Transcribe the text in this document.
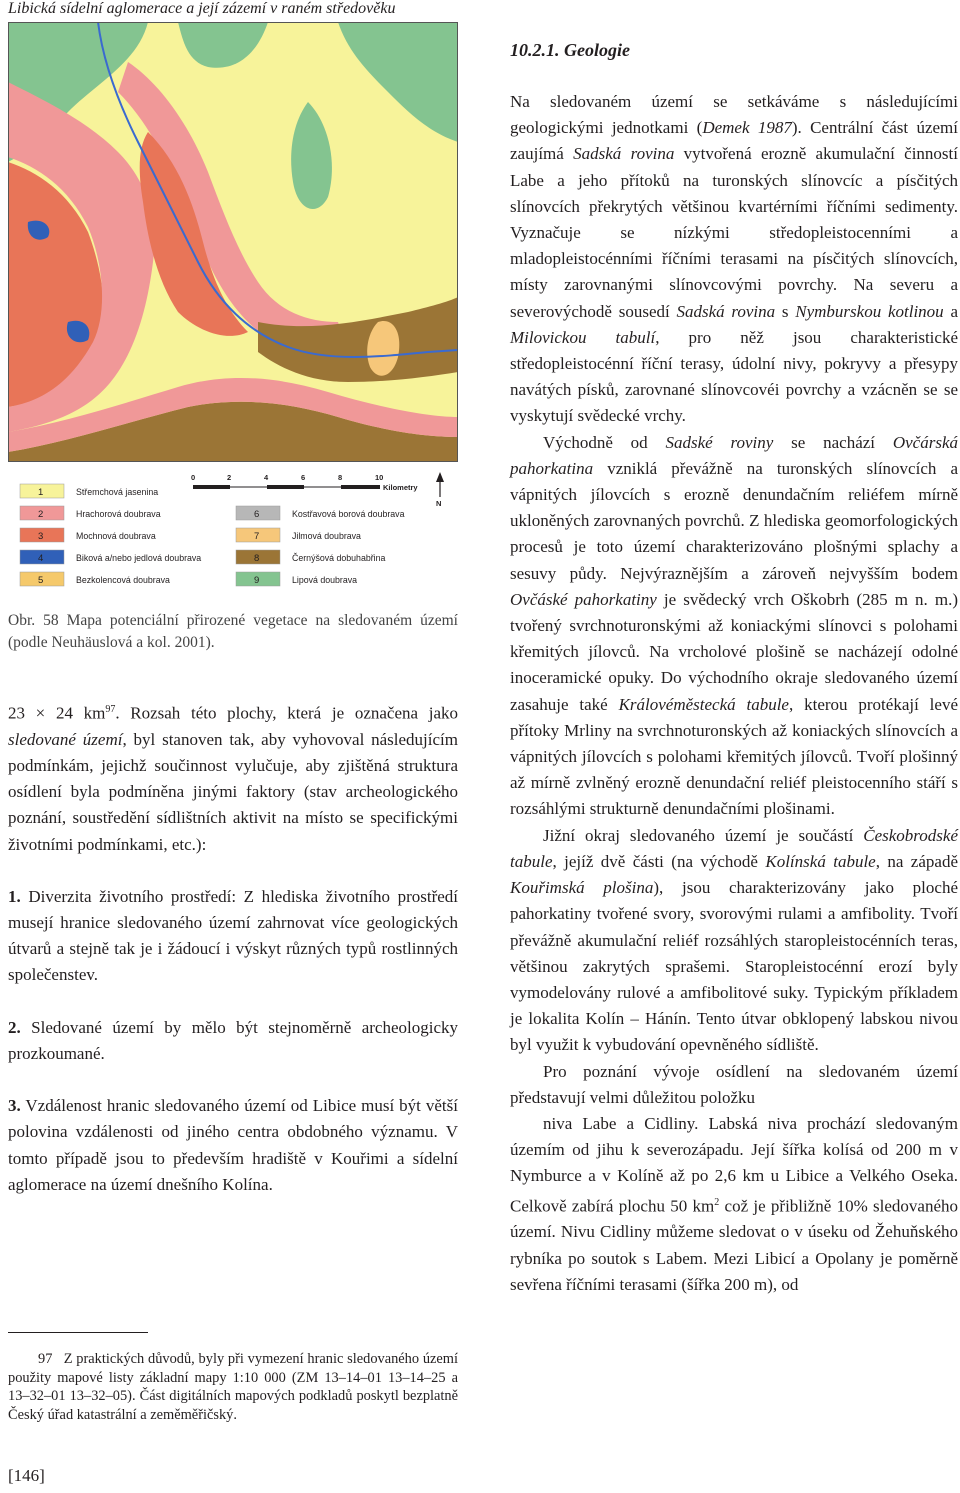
Libická sídelní aglomerace a její zázemí v raném středověku
0	2	4	6	8	10
Kilometry
N
1	Střemchová jasenina
2	Hrachorová doubrava
3	Mochnová doubrava
4	Biková a/nebo jedlová doubrava
5	Bezkolencová doubrava
6	Kostřavová borová doubrava
7	Jilmová doubrava
8	Černýšová dobuhabřina
9	Lipová doubrava
Obr. 58 Mapa potenciální přirozené vegetace na sledovaném území (podle Neuhäuslová a kol. 2001).

23 × 24 $km^{97}$. Rozsah této plochy, která je označena jako sledované území, byl stanoven tak, aby vyhovoval následujícím podmínkám, jejichž součinnost vylučuje, aby zjištěná struktura osídlení byla podmíněna jinými faktory (stav archeologického poznání, soustředění sídlištních aktivit na místo se specifickými životními podmínkami, etc.):

1. Diverzita životního prostředí: Z hlediska životního prostředí musejí hranice sledovaného území zahrnovat více geologických útvarů a stejně tak je i žádoucí i výskyt různých typů rostlinných společenstev.

2. Sledované území by mělo být stejnoměrně archeologicky prozkoumané.

3. Vzdálenost hranic sledovaného území od Libice musí být větší polovina vzdálenosti od jiného centra obdobného významu. V tomto případě jsou to především hradiště v Kouřimi a sídelní aglomerace na území dnešního Kolína.

97 Z praktických důvodů, byly při vymezení hranic sledovaného území použity mapové listy základní mapy 1:10 000 (ZM 13–14–01 13–14–25 a 13–32–01 13–32–05). Část digitálních mapových podkladů poskytl bezplatně Český úřad katastrální a zeměměřičský.
[146]
10.2.1. Geologie

Na sledovaném území se setkáváme s následujícími geologickými jednotkami (Demek 1987). Centrální část území zaujímá Sadská rovina vytvořená erozně akumulační činností Labe a jeho přítoků na turonských slínovcíc a písčitých slínovcích překrytých většinou kvartérními říčními sedimenty. Vyznačuje se nízkými středopleistocenními a mladopleistocénními říčními terasami na písčitých slínovcích, místy zarovnanými slínovcovými povrchy. Na severu a severovýchodě sousedí Sadská rovina s Nymburskou kotlinou a Milovickou tabulí, pro něž jsou charakteristické středopleistocénní říční terasy, údolní nivy, pokryvy a přesypy navátých písků, zarovnané slínovcovéi povrchy a vzácněn se se vyskytují svědecké vrchy.

Východně od Sadské roviny se nachází Ovčárská pahorkatina vzniklá převážně na turonských slínovcích a vápnitých jílovcích s erozně denundačním reliéfem mírně ukloněných zarovnaných povrchů. Z hlediska geomorfologických procesů je toto území charakterizováno plošnými splachy a sesuvy půdy. Nejvýraznějším a zároveň nejvyšším bodem Ovčáské pahorkatiny je svědecký vrch Oškobrh (285 m n. m.) tvořený svrchnoturonskými až koniackými slínovci s polohami křemitých jílovců. Na vrcholové plošině se nacházejí odolné inoceramické opuky. Do východního okraje sledovaného území zasahuje také Královéměstecká tabule, kterou protékají levé přítoky Mrliny na svrchnoturonských až koniackých slínovcích a vápnitých jílovcích s polohami křemitých jílovců. Tvoří plošinný až mírně zvlněný erozně denundační reliéf pleistocenního stáří s rozsáhlými strukturně denundačními plošinami.

Jižní okraj sledovaného území je součástí Českobrodské tabule, jejíž dvě části (na východě Kolínská tabule, na západě Kouřimská plošina), jsou charakterizovány jako ploché pahorkatiny tvořené svory, svorovými rulami a amfibolity. Tvoří převážně akumulační reliéf rozsáhlých staropleistocénních teras, většinou zakrytých sprašemi. Staropleistocénní erozí byly vymodelovány rulové a amfibolitové suky. Typickým příkladem je lokalita Kolín – Hánín. Tento útvar obklopený labskou nivou byl využit k vybudování opevněného sídliště.

Pro poznání vývoje osídlení na sledovaném území představují velmi důležitou položku

niva Labe a Cidliny. Labská niva prochází sledovaným územím od jihu k severozápadu. Její šířka kolísá od 200 m v Nymburce a v Kolíně až po 2,6 km u Libice a Velkého Oseka. Celkově zabírá plochu 50 $km^2$ což je přibližně 10% sledovaného území. Nivu Cidliny můžeme sledovat o v úseku od Žehuňského rybníka po soutok s Labem. Mezi Libicí a Opolany je poměrně sevřena říčními terasami (šířka 200 m), od
